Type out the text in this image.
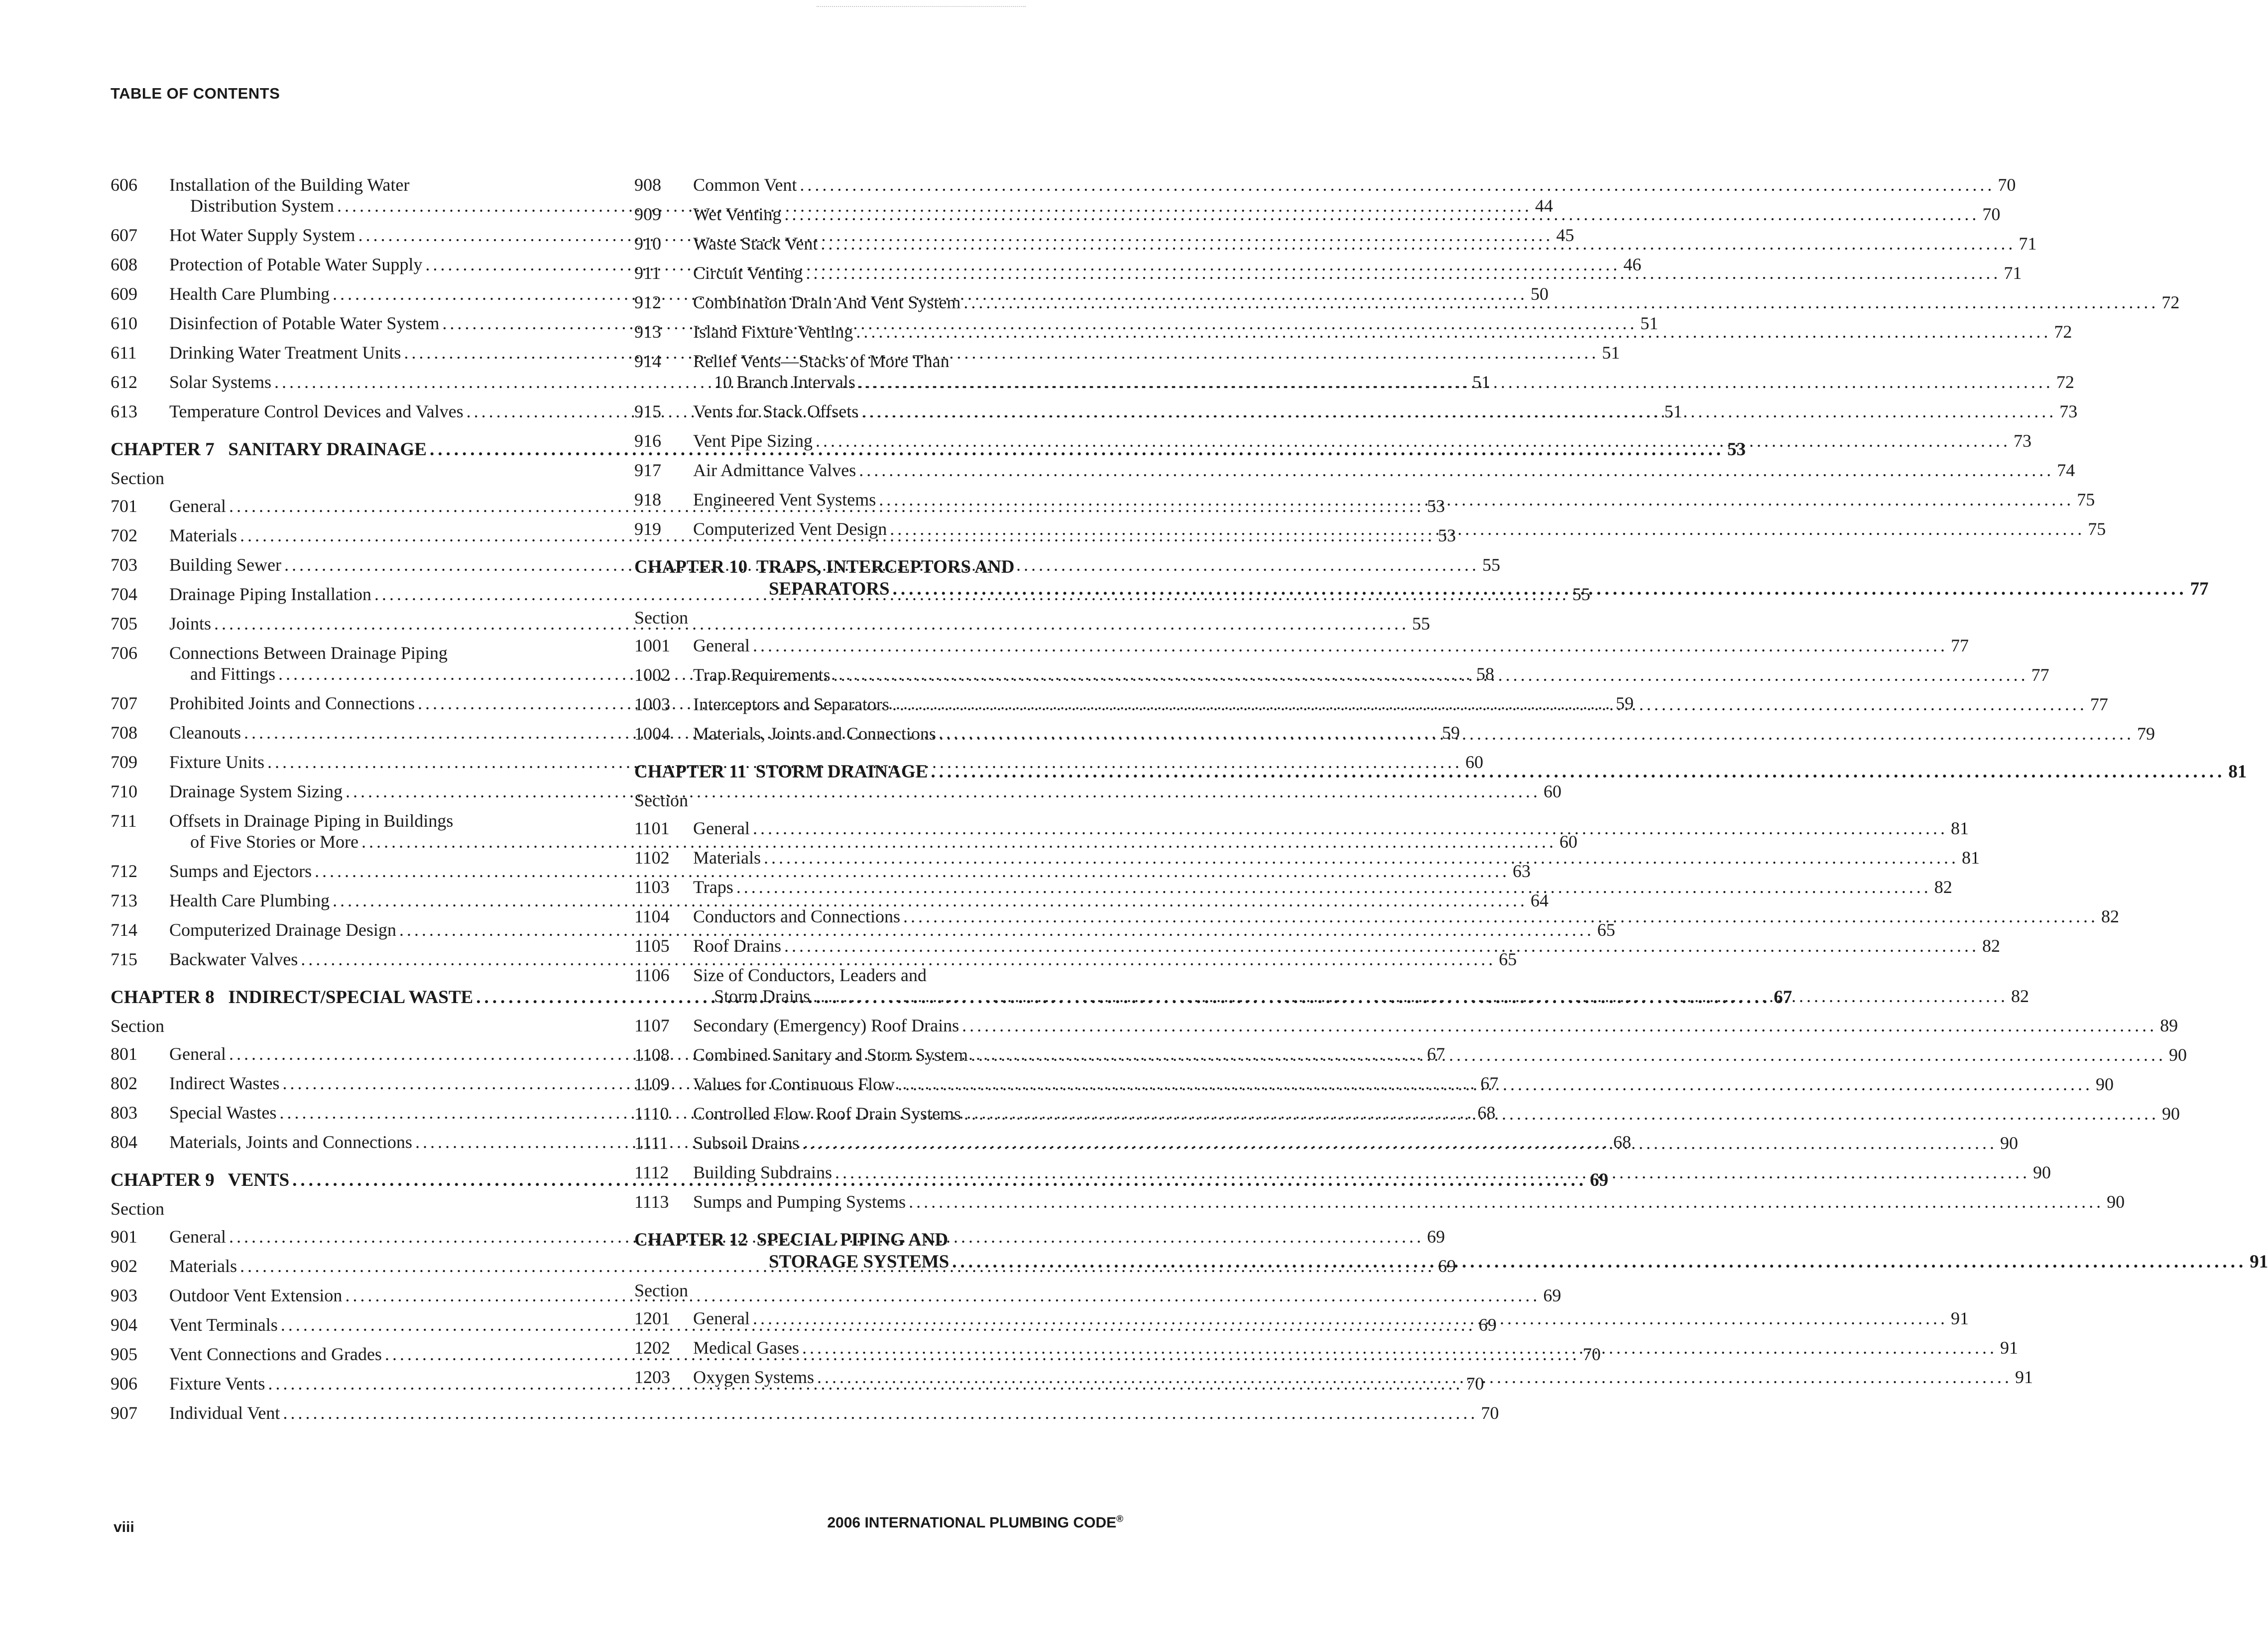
TABLE OF CONTENTS
606	Installation of the Building Water
Distribution System .....	44
607	Hot Water Supply System .....	45
608	Protection of Potable Water Supply .....	46
609	Health Care Plumbing .....	50
610	Disinfection of Potable Water System .....	51
611	Drinking Water Treatment Units .....	51
612	Solar Systems .....	51
613	Temperature Control Devices and Valves .....	51
CHAPTER 7   SANITARY DRAINAGE .....	53
Section
701	General .....	53
702	Materials .....	53
703	Building Sewer .....	55
704	Drainage Piping Installation .....	55
705	Joints .....	55
706	Connections Between Drainage Piping
and Fittings .....	58
707	Prohibited Joints and Connections .....	59
708	Cleanouts .....	59
709	Fixture Units .....	60
710	Drainage System Sizing .....	60
711	Offsets in Drainage Piping in Buildings
of Five Stories or More .....	60
712	Sumps and Ejectors .....	63
713	Health Care Plumbing .....	64
714	Computerized Drainage Design .....	65
715	Backwater Valves .....	65
CHAPTER 8   INDIRECT/SPECIAL WASTE .....	67
Section
801	General .....	67
802	Indirect Wastes .....	67
803	Special Wastes .....	68
804	Materials, Joints and Connections .....	68
CHAPTER 9   VENTS .....	69
Section
901	General .....	69
902	Materials .....	69
903	Outdoor Vent Extension .....	69
904	Vent Terminals .....	69
905	Vent Connections and Grades .....	70
906	Fixture Vents .....	70
907	Individual Vent .....	70
908	Common Vent .....	70
909	Wet Venting .....	70
910	Waste Stack Vent .....	71
911	Circuit Venting .....	71
912	Combination Drain And Vent System .....	72
913	Island Fixture Venting .....	72
914	Relief Vents—Stacks of More Than
10 Branch Intervals .....	72
915	Vents for Stack Offsets .....	73
916	Vent Pipe Sizing .....	73
917	Air Admittance Valves .....	74
918	Engineered Vent Systems .....	75
919	Computerized Vent Design .....	75
CHAPTER 10  TRAPS, INTERCEPTORS AND
SEPARATORS .....	77
Section
1001	General .....	77
1002	Trap Requirements .....	77
1003	Interceptors and Separators .....	77
1004	Materials, Joints and Connections .....	79
CHAPTER 11  STORM DRAINAGE .....	81
Section
1101	General .....	81
1102	Materials .....	81
1103	Traps .....	82
1104	Conductors and Connections .....	82
1105	Roof Drains .....	82
1106	Size of Conductors, Leaders and
Storm Drains .....	82
1107	Secondary (Emergency) Roof Drains .....	89
1108	Combined Sanitary and Storm System .....	90
1109	Values for Continuous Flow .....	90
1110	Controlled Flow Roof Drain Systems .....	90
1111	Subsoil Drains .....	90
1112	Building Subdrains .....	90
1113	Sumps and Pumping Systems .....	90
CHAPTER 12  SPECIAL PIPING AND
STORAGE SYSTEMS .....	91
Section
1201	General .....	91
1202	Medical Gases .....	91
1203	Oxygen Systems .....	91
viii	2006 INTERNATIONAL PLUMBING CODE®
